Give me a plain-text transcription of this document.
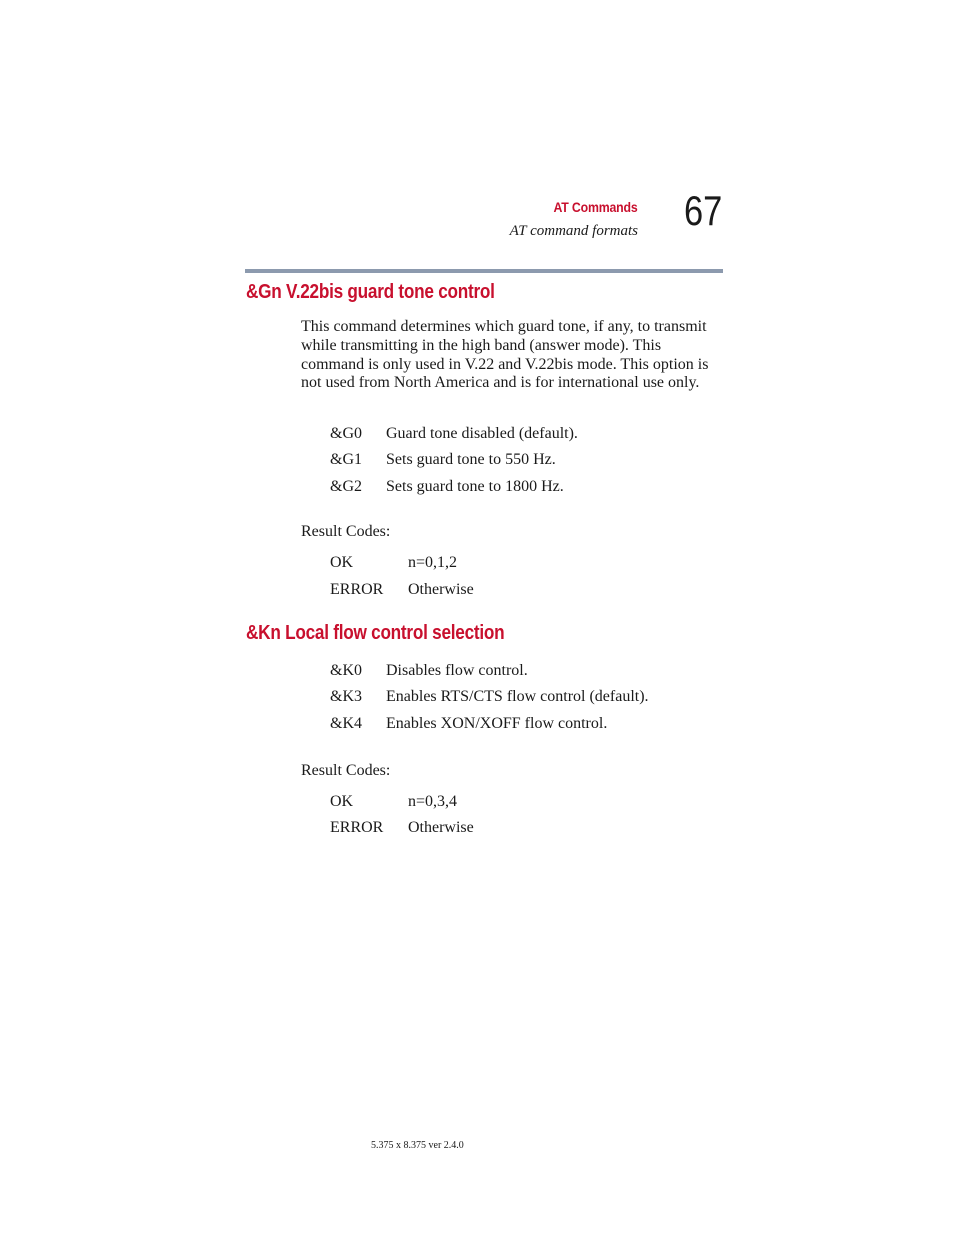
AT Commands
AT command formats 67
&Gn V.22bis guard tone control
This command determines which guard tone, if any, to transmit while transmitting in the high band (answer mode). This command is only used in V.22 and V.22bis mode. This option is not used from North America and is for international use only.
&G0 Guard tone disabled (default).
&G1 Sets guard tone to 550 Hz.
&G2 Sets guard tone to 1800 Hz.
Result Codes:
OK	n=0,1,2
ERROR Otherwise
&Kn Local flow control selection
&K0 Disables flow control.
&K3 Enables RTS/CTS flow control (default).
&K4 Enables XON/XOFF flow control.
Result Codes:
OK	n=0,3,4
ERROR Otherwise
5.375 x 8.375 ver 2.4.0
